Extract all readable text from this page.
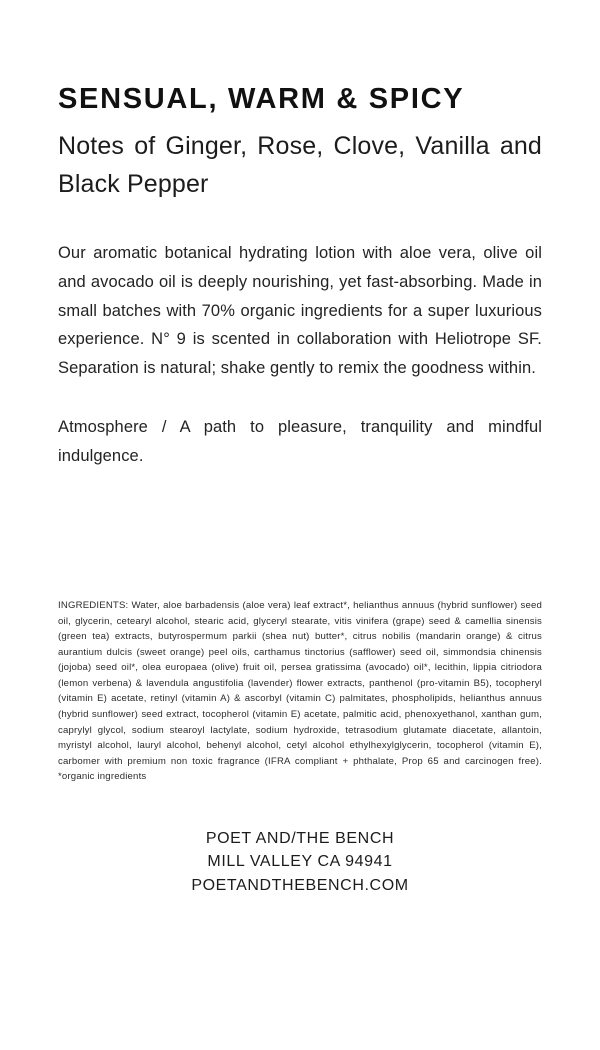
SENSUAL, WARM & SPICY
Notes of Ginger, Rose, Clove, Vanilla and Black Pepper

Our aromatic botanical hydrating lotion with aloe vera, olive oil and avocado oil is deeply nourishing, yet fast-absorbing. Made in small batches with 70% organic ingredients for a super luxurious experience. N° 9 is scented in collaboration with Heliotrope SF. Separation is natural; shake gently to remix the goodness within.

Atmosphere / A path to pleasure, tranquility and mindful indulgence.

INGREDIENTS: Water, aloe barbadensis (aloe vera) leaf extract*, helianthus annuus (hybrid sunflower) seed oil, glycerin, cetearyl alcohol, stearic acid, glyceryl stearate, vitis vinifera (grape) seed & camellia sinensis (green tea) extracts, butyrospermum parkii (shea nut) butter*, citrus nobilis (mandarin orange) & citrus aurantium dulcis (sweet orange) peel oils, carthamus tinctorius (safflower) seed oil, simmondsia chinensis (jojoba) seed oil*, olea europaea (olive) fruit oil, persea gratissima (avocado) oil*, lecithin, lippia citriodora (lemon verbena) & lavendula angustifolia (lavender) flower extracts, panthenol (pro-vitamin B5), tocopheryl (vitamin E) acetate, retinyl (vitamin A) & ascorbyl (vitamin C) palmitates, phospholipids, helianthus annuus (hybrid sunflower) seed extract, tocopherol (vitamin E) acetate, palmitic acid, phenoxyethanol, xanthan gum, caprylyl glycol, sodium stearoyl lactylate, sodium hydroxide, tetrasodium glutamate diacetate, allantoin, myristyl alcohol, lauryl alcohol, behenyl alcohol, cetyl alcohol ethylhexylglycerin, tocopherol (vitamin E), carbomer with premium non toxic fragrance (IFRA compliant + phthalate, Prop 65 and carcinogen free). *organic ingredients

POET AND/THE BENCH

MILL VALLEY CA 94941

POETANDTHEBENCH.COM
